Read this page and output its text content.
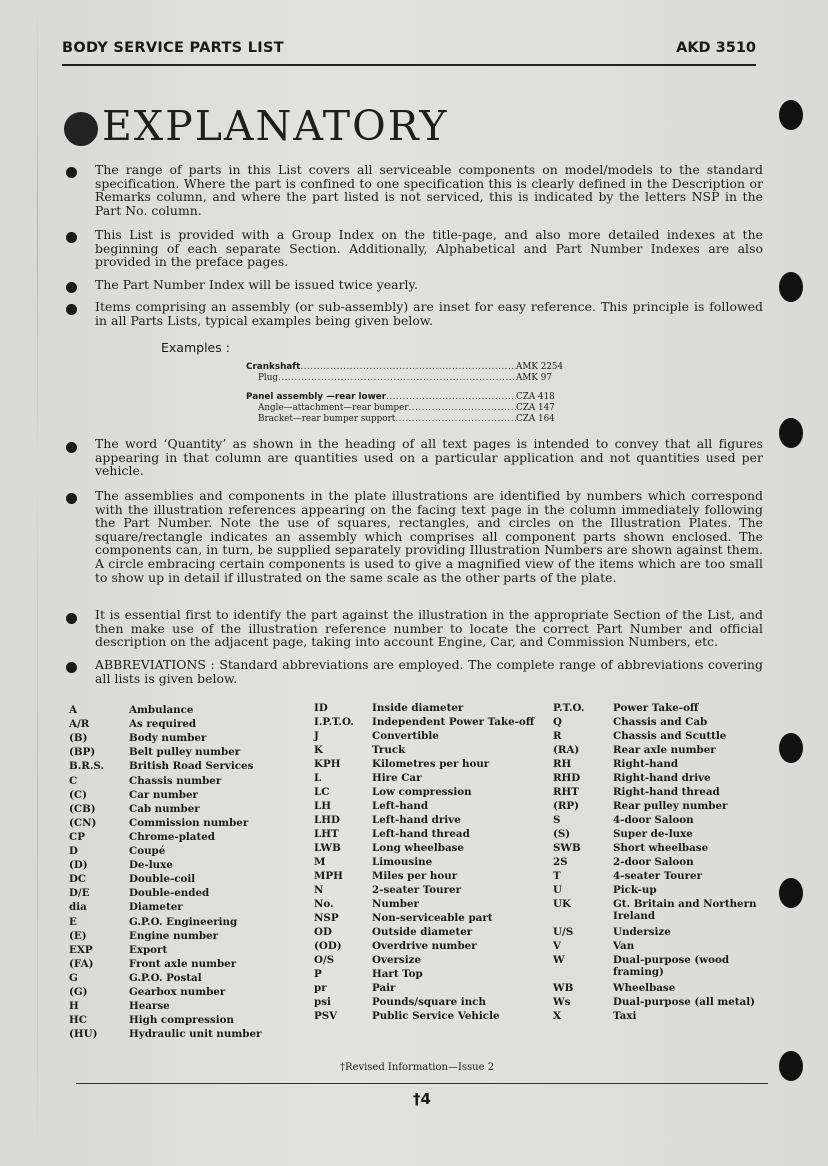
BODY SERVICE PARTS LIST	AKD 3510
EXPLANATORY
The range of parts in this List covers all serviceable components on model/models to the standard specification. Where the part is confined to one specification this is clearly defined in the Description or Remarks column, and where the part listed is not serviced, this is indicated by the letters NSP in the Part No. column.
This List is provided with a Group Index on the title-page, and also more detailed indexes at the beginning of each separate Section. Additionally, Alphabetical and Part Number Indexes are also provided in the preface pages.
The Part Number Index will be issued twice yearly.
Items comprising an assembly (or sub-assembly) are inset for easy reference. This principle is followed in all Parts Lists, typical examples being given below.
Examples :
Crankshaft .....	AMK 2254
Plug .....	AMK 97
Panel assembly —rear lower .....	CZA 418
Angle—attachment—rear bumper .....	CZA 147
Bracket—rear bumper support .....	CZA 164
The word ‘Quantity’ as shown in the heading of all text pages is intended to convey that all figures appearing in that column are quantities used on a particular application and not quantities used per vehicle.
The assemblies and components in the plate illustrations are identified by numbers which correspond with the illustration references appearing on the facing text page in the column immediately following the Part Number. Note the use of squares, rectangles, and circles on the Illustration Plates. The square/rectangle indicates an assembly which comprises all component parts shown enclosed. The components can, in turn, be supplied separately providing Illustration Numbers are shown against them. A circle embracing certain components is used to give a magnified view of the items which are too small to show up in detail if illustrated on the same scale as the other parts of the plate.
It is essential first to identify the part against the illustration in the appropriate Section of the List, and then make use of the illustration reference number to locate the correct Part Number and official description on the adjacent page, taking into account Engine, Car, and Commission Numbers, etc.
ABBREVIATIONS : Standard abbreviations are employed. The complete range of abbreviations covering all lists is given below.
A	Ambulance
A/R	As required
(B)	Body number
(BP)	Belt pulley number
B.R.S. British Road Services
C	Chassis number
(C)	Car number
(CB)	Cab number
(CN)	Commission number
CP	Chrome-plated
D	Coupé
(D)	De-luxe
DC	Double-coil
D/E	Double-ended
dia	Diameter
E	G.P.O. Engineering
(E)	Engine number
EXP	Export
(FA)	Front axle number
G	G.P.O. Postal
(G)	Gearbox number
H	Hearse
HC	High compression
(HU)	Hydraulic unit number
ID	Inside diameter
I.P.T.O. Independent Power Take-off
J	Convertible
K	Truck
KPH	Kilometres per hour
L	Hire Car
LC	Low compression
LH	Left-hand
LHD	Left-hand drive
LHT	Left-hand thread
LWB	Long wheelbase
M	Limousine
MPH	Miles per hour
N	2-seater Tourer
No.	Number
NSP	Non-serviceable part
OD	Outside diameter
(OD)	Overdrive number
O/S	Oversize
P	Hart Top
pr	Pair
psi	Pounds/square inch
PSV	Public Service Vehicle
P.T.O.	Power Take-off
Q	Chassis and Cab
R	Chassis and Scuttle
(RA)	Rear axle number
RH	Right-hand
RHD	Right-hand drive
RHT	Right-hand thread
(RP)	Rear pulley number
S	4-door Saloon
(S)	Super de-luxe
SWB	Short wheelbase
2S	2-door Saloon
T	4-seater Tourer
U	Pick-up
UK	Gt. Britain and Northern Ireland
U/S	Undersize
V	Van
W	Dual-purpose (wood framing)
WB	Wheelbase
Ws	Dual-purpose (all metal)
X	Taxi
†Revised Information—Issue 2
†4
